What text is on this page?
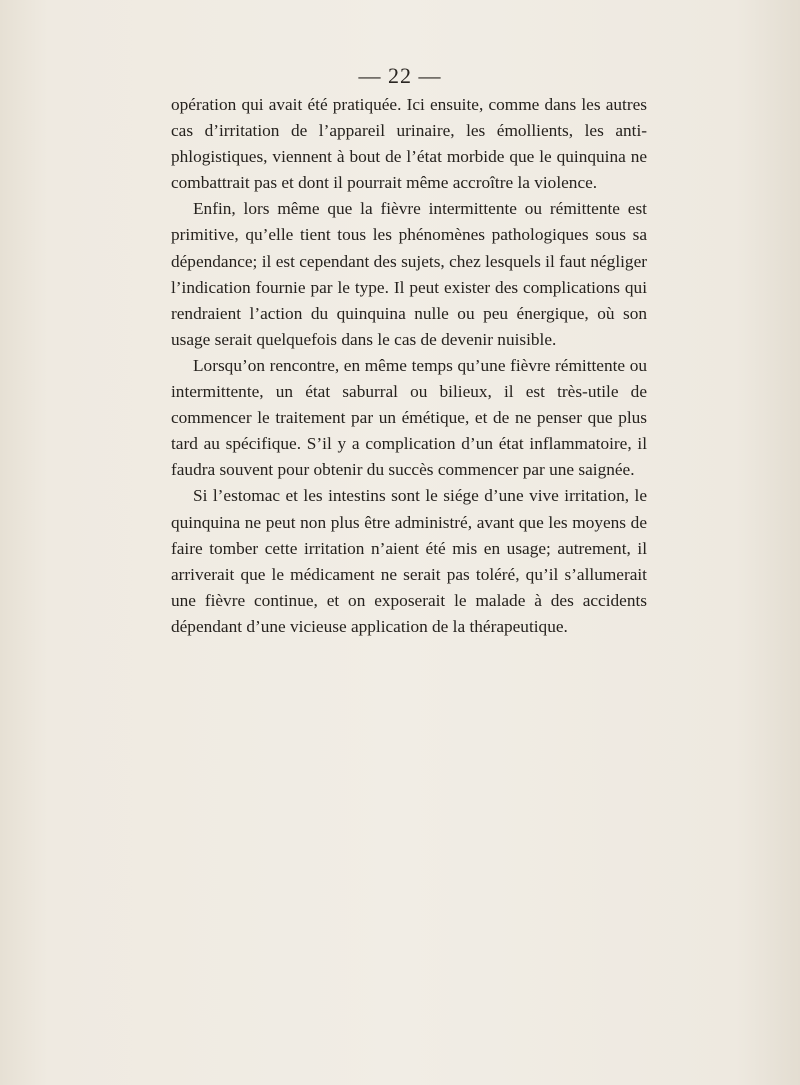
— 22 —

opération qui avait été pratiquée. Ici ensuite, comme dans les autres cas d’irritation de l’appareil urinaire, les émollients, les anti-phlogistiques, viennent à bout de l’état morbide que le quinquina ne combattrait pas et dont il pourrait même accroître la violence.

Enfin, lors même que la fièvre intermittente ou rémittente est primitive, qu’elle tient tous les phénomènes pathologiques sous sa dépendance; il est cependant des sujets, chez lesquels il faut négliger l’indication fournie par le type. Il peut exister des complications qui rendraient l’action du quinquina nulle ou peu énergique, où son usage serait quelquefois dans le cas de devenir nuisible.

Lorsqu’on rencontre, en même temps qu’une fièvre rémittente ou intermittente, un état saburral ou bilieux, il est très-utile de commencer le traitement par un émétique, et de ne penser que plus tard au spécifique. S’il y a complication d’un état inflammatoire, il faudra souvent pour obtenir du succès commencer par une saignée.

Si l’estomac et les intestins sont le siége d’une vive irritation, le quinquina ne peut non plus être administré, avant que les moyens de faire tomber cette irritation n’aient été mis en usage; autrement, il arriverait que le médicament ne serait pas toléré, qu’il s’allumerait une fièvre continue, et on exposerait le malade à des accidents dépendant d’une vicieuse application de la thérapeutique.
